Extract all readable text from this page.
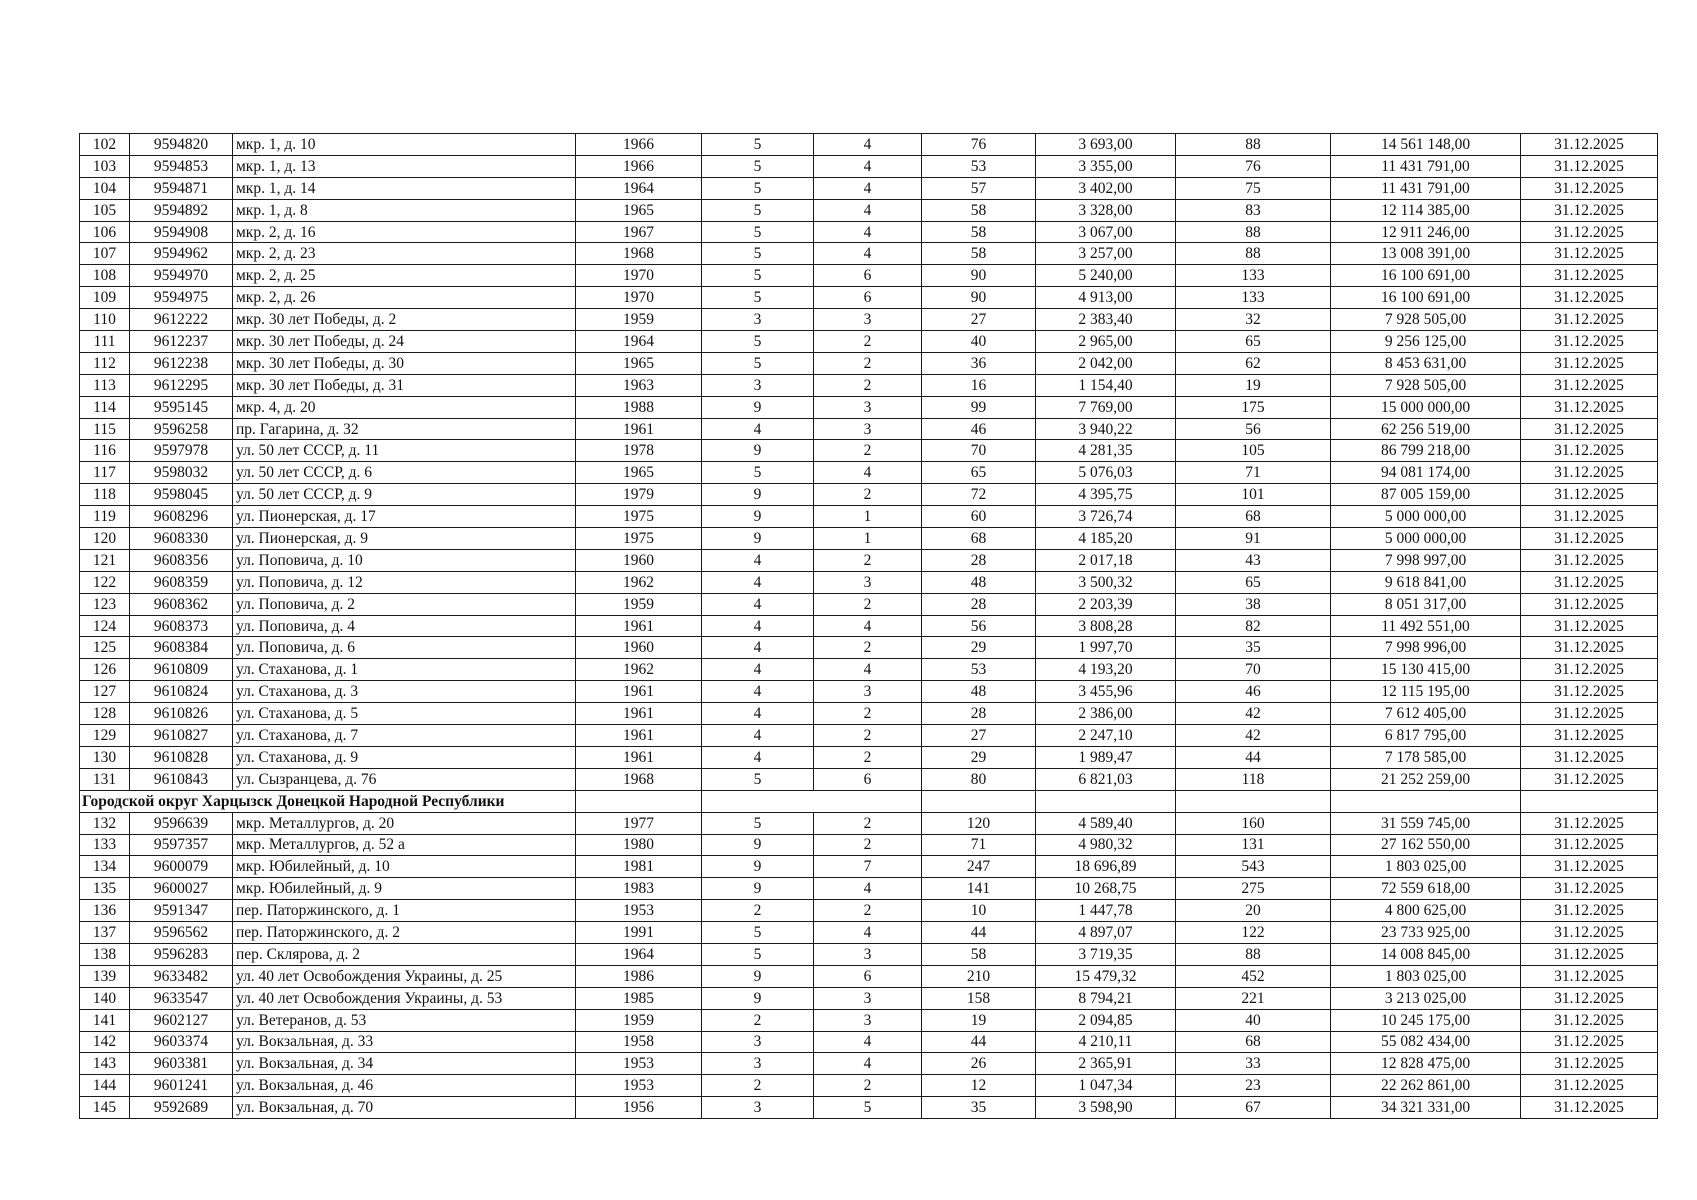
102	9594820	мкр. 1, д. 10	1966	5	4	76	3 693,00	88	14 561 148,00	31.12.2025
103	9594853	мкр. 1, д. 13	1966	5	4	53	3 355,00	76	11 431 791,00	31.12.2025
104	9594871	мкр. 1, д. 14	1964	5	4	57	3 402,00	75	11 431 791,00	31.12.2025
105	9594892	мкр. 1, д. 8	1965	5	4	58	3 328,00	83	12 114 385,00	31.12.2025
106	9594908	мкр. 2, д. 16	1967	5	4	58	3 067,00	88	12 911 246,00	31.12.2025
107	9594962	мкр. 2, д. 23	1968	5	4	58	3 257,00	88	13 008 391,00	31.12.2025
108	9594970	мкр. 2, д. 25	1970	5	6	90	5 240,00	133	16 100 691,00	31.12.2025
109	9594975	мкр. 2, д. 26	1970	5	6	90	4 913,00	133	16 100 691,00	31.12.2025
110	9612222	мкр. 30 лет Победы, д. 2	1959	3	3	27	2 383,40	32	7 928 505,00	31.12.2025
111	9612237	мкр. 30 лет Победы, д. 24	1964	5	2	40	2 965,00	65	9 256 125,00	31.12.2025
112	9612238	мкр. 30 лет Победы, д. 30	1965	5	2	36	2 042,00	62	8 453 631,00	31.12.2025
113	9612295	мкр. 30 лет Победы, д. 31	1963	3	2	16	1 154,40	19	7 928 505,00	31.12.2025
114	9595145	мкр. 4, д. 20	1988	9	3	99	7 769,00	175	15 000 000,00	31.12.2025
115	9596258	пр. Гагарина, д. 32	1961	4	3	46	3 940,22	56	62 256 519,00	31.12.2025
116	9597978	ул. 50 лет СССР, д. 11	1978	9	2	70	4 281,35	105	86 799 218,00	31.12.2025
117	9598032	ул. 50 лет СССР, д. 6	1965	5	4	65	5 076,03	71	94 081 174,00	31.12.2025
118	9598045	ул. 50 лет СССР, д. 9	1979	9	2	72	4 395,75	101	87 005 159,00	31.12.2025
119	9608296	ул. Пионерская, д. 17	1975	9	1	60	3 726,74	68	5 000 000,00	31.12.2025
120	9608330	ул. Пионерская, д. 9	1975	9	1	68	4 185,20	91	5 000 000,00	31.12.2025
121	9608356	ул. Поповича, д. 10	1960	4	2	28	2 017,18	43	7 998 997,00	31.12.2025
122	9608359	ул. Поповича, д. 12	1962	4	3	48	3 500,32	65	9 618 841,00	31.12.2025
123	9608362	ул. Поповича, д. 2	1959	4	2	28	2 203,39	38	8 051 317,00	31.12.2025
124	9608373	ул. Поповича, д. 4	1961	4	4	56	3 808,28	82	11 492 551,00	31.12.2025
125	9608384	ул. Поповича, д. 6	1960	4	2	29	1 997,70	35	7 998 996,00	31.12.2025
126	9610809	ул. Стаханова, д. 1	1962	4	4	53	4 193,20	70	15 130 415,00	31.12.2025
127	9610824	ул. Стаханова, д. 3	1961	4	3	48	3 455,96	46	12 115 195,00	31.12.2025
128	9610826	ул. Стаханова, д. 5	1961	4	2	28	2 386,00	42	7 612 405,00	31.12.2025
129	9610827	ул. Стаханова, д. 7	1961	4	2	27	2 247,10	42	6 817 795,00	31.12.2025
130	9610828	ул. Стаханова, д. 9	1961	4	2	29	1 989,47	44	7 178 585,00	31.12.2025
131	9610843	ул. Сызранцева, д. 76	1968	5	6	80	6 821,03	118	21 252 259,00	31.12.2025
Городской округ Харцызск Донецкой Народной Республики										
132	9596639	мкр. Металлургов, д. 20	1977	5	2	120	4 589,40	160	31 559 745,00	31.12.2025
133	9597357	мкр. Металлургов, д. 52 а	1980	9	2	71	4 980,32	131	27 162 550,00	31.12.2025
134	9600079	мкр. Юбилейный, д. 10	1981	9	7	247	18 696,89	543	1 803 025,00	31.12.2025
135	9600027	мкр. Юбилейный, д. 9	1983	9	4	141	10 268,75	275	72 559 618,00	31.12.2025
136	9591347	пер. Паторжинского, д. 1	1953	2	2	10	1 447,78	20	4 800 625,00	31.12.2025
137	9596562	пер. Паторжинского, д. 2	1991	5	4	44	4 897,07	122	23 733 925,00	31.12.2025
138	9596283	пер. Склярова, д. 2	1964	5	3	58	3 719,35	88	14 008 845,00	31.12.2025
139	9633482	ул. 40 лет Освобождения Украины, д. 25	1986	9	6	210	15 479,32	452	1 803 025,00	31.12.2025
140	9633547	ул. 40 лет Освобождения Украины, д. 53	1985	9	3	158	8 794,21	221	3 213 025,00	31.12.2025
141	9602127	ул. Ветеранов, д. 53	1959	2	3	19	2 094,85	40	10 245 175,00	31.12.2025
142	9603374	ул. Вокзальная, д. 33	1958	3	4	44	4 210,11	68	55 082 434,00	31.12.2025
143	9603381	ул. Вокзальная, д. 34	1953	3	4	26	2 365,91	33	12 828 475,00	31.12.2025
144	9601241	ул. Вокзальная, д. 46	1953	2	2	12	1 047,34	23	22 262 861,00	31.12.2025
145	9592689	ул. Вокзальная, д. 70	1956	3	5	35	3 598,90	67	34 321 331,00	31.12.2025
